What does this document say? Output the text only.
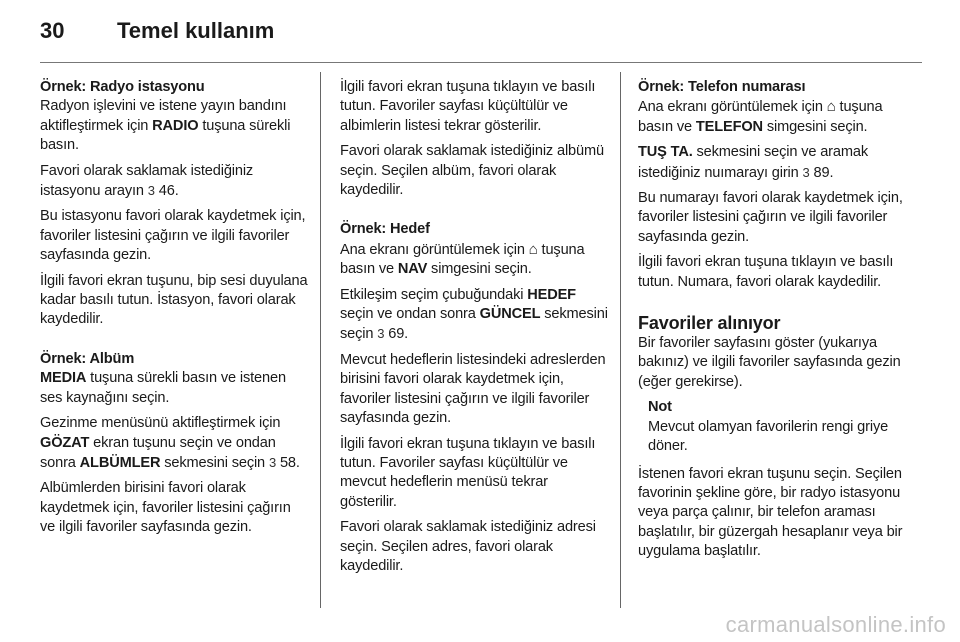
30 Temel kullanım
Örnek: Radyo istasyonu

Radyon işlevini ve istene yayın bandını aktifleştirmek için RADIO tuşuna sürekli basın.

Favori olarak saklamak istediğiniz istasyonu arayın 3 46.

Bu istasyonu favori olarak kaydetmek için, favoriler listesini çağırın ve ilgili favoriler sayfasında gezin.

İlgili favori ekran tuşunu, bip sesi duyulana kadar basılı tutun. İstasyon, favori olarak kaydedilir.

Örnek: Albüm

MEDIA tuşuna sürekli basın ve istenen ses kaynağını seçin.

Gezinme menüsünü aktifleştirmek için GÖZAT ekran tuşunu seçin ve ondan sonra ALBÜMLER sekmesini seçin 3 58.

Albümlerden birisini favori olarak kaydetmek için, favoriler listesini çağırın ve ilgili favoriler sayfasında gezin.

İlgili favori ekran tuşuna tıklayın ve basılı tutun. Favoriler sayfası küçültülür ve albimlerin listesi tekrar gösterilir.

Favori olarak saklamak istediğiniz albümü seçin. Seçilen albüm, favori olarak kaydedilir.

Örnek: Hedef

Ana ekranı görüntülemek için ⌂ tuşuna basın ve NAV simgesini seçin.

Etkileşim seçim çubuğundaki HEDEF seçin ve ondan sonra GÜNCEL sekmesini seçin 3 69.

Mevcut hedeflerin listesindeki adreslerden birisini favori olarak kaydetmek için, favoriler listesini çağırın ve ilgili favoriler sayfasında gezin.

İlgili favori ekran tuşuna tıklayın ve basılı tutun. Favoriler sayfası küçültülür ve mevcut hedeflerin menüsü tekrar gösterilir.

Favori olarak saklamak istediğiniz adresi seçin. Seçilen adres, favori olarak kaydedilir.

Örnek: Telefon numarası

Ana ekranı görüntülemek için ⌂ tuşuna basın ve TELEFON simgesini seçin.

TUŞ TA. sekmesini seçin ve aramak istediğiniz nuımarayı girin 3 89.

Bu numarayı favori olarak kaydetmek için, favoriler listesini çağırın ve ilgili favoriler sayfasında gezin.

İlgili favori ekran tuşuna tıklayın ve basılı tutun. Numara, favori olarak kaydedilir.

Favoriler alınıyor

Bir favoriler sayfasını göster (yukarıya bakınız) ve ilgili favoriler sayfasında gezin (eğer gerekirse).

Not
Mevcut olamyan favorilerin rengi griye döner.

İstenen favori ekran tuşunu seçin. Seçilen favorinin şekline göre, bir radyo istasyonu veya parça çalınır, bir telefon araması başlatılır, bir güzergah hesaplanır veya bir uygulama başlatılır.

carmanualsonline.info
